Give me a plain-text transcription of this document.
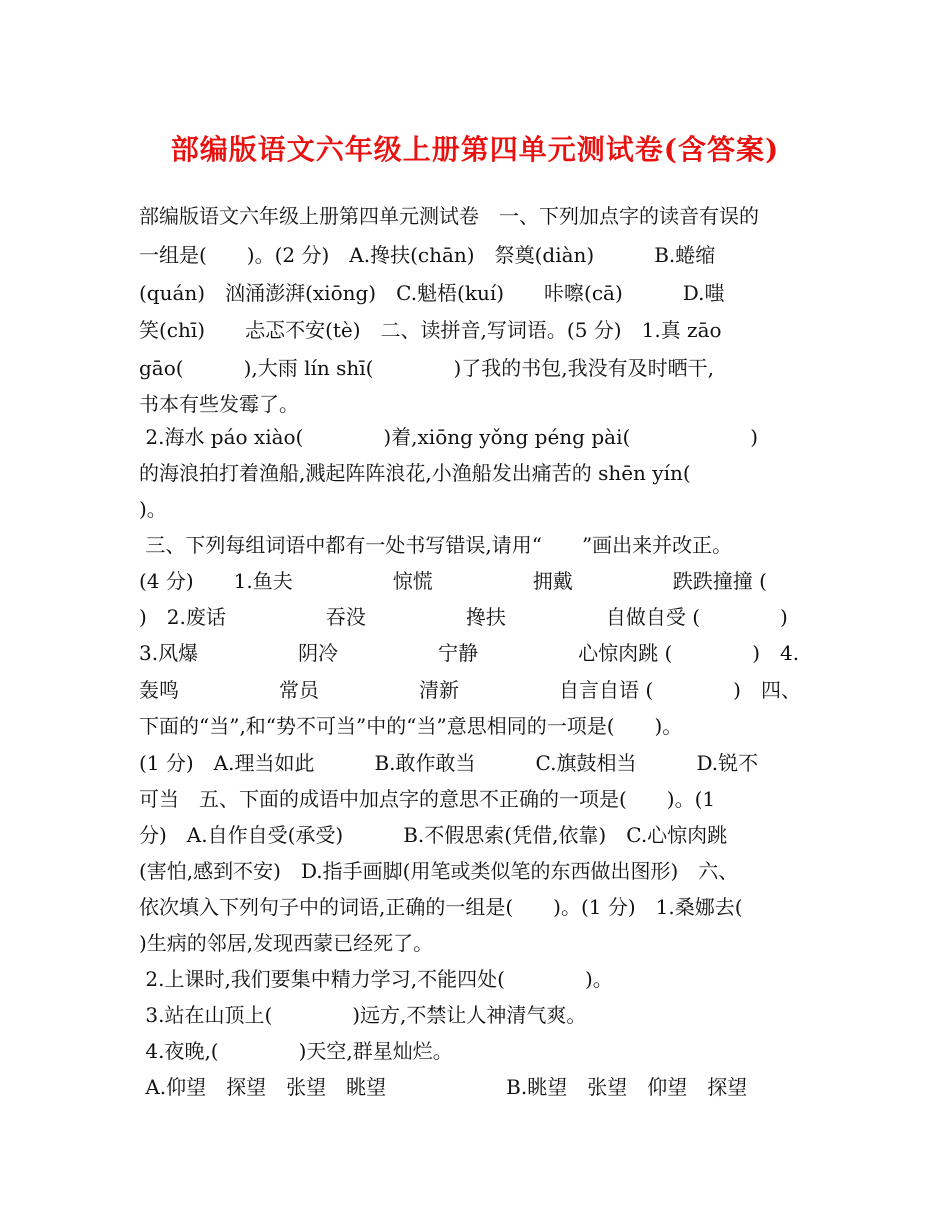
部编版语文六年级上册第四单元测试卷(含答案)
部编版语文六年级上册第四单元测试卷　一、下列加点字的读音有误的
一组是(　　)。(2 分)　A.搀扶(chān)　祭奠(diàn)　　　B.蜷缩
(quán)　汹涌澎湃(xiōng)　C.魁梧(kuí)　　咔嚓(cā)　　　D.嗤
笑(chī)　　忐忑不安(tè)　二、读拼音,写词语。(5 分)　1.真 zāo
gāo(　　　),大雨 lín shī(　　　　)了我的书包,我没有及时晒干,
书本有些发霉了。
2.海水 páo xiào(　　　　)着,xiōng yǒng péng pài(　　　　　　)
的海浪拍打着渔船,溅起阵阵浪花,小渔船发出痛苦的 shēn yín(
)。
三、下列每组词语中都有一处书写错误,请用“　　”画出来并改正。
(4 分)　　1.鱼夫　　　　　惊慌　　　　　拥戴　　　　　跌跌撞撞 (
)　2.废话　　　　　吞没　　　　　搀扶　　　　　自做自受 (　　　　)
3.风爆　　　　　阴冷　　　　　宁静　　　　　心惊肉跳 (　　　　)　4.
轰鸣　　　　　常员　　　　　清新　　　　　自言自语 (　　　　)　四、
下面的“当”,和“势不可当”中的“当”意思相同的一项是(　　)。
(1 分)　A.理当如此　　　B.敢作敢当　　　C.旗鼓相当　　　D.锐不
可当　五、下面的成语中加点字的意思不正确的一项是(　　)。(1
分)　A.自作自受(承受)　　　B.不假思索(凭借,依靠)　C.心惊肉跳
(害怕,感到不安)　D.指手画脚(用笔或类似笔的东西做出图形)　六、
依次填入下列句子中的词语,正确的一组是(　　)。(1 分)　1.桑娜去(
)生病的邻居,发现西蒙已经死了。
2.上课时,我们要集中精力学习,不能四处(　　　　)。
3.站在山顶上(　　　　)远方,不禁让人神清气爽。
4.夜晚,(　　　　)天空,群星灿烂。
A.仰望　探望　张望　眺望　　　　　　B.眺望　张望　仰望　探望
